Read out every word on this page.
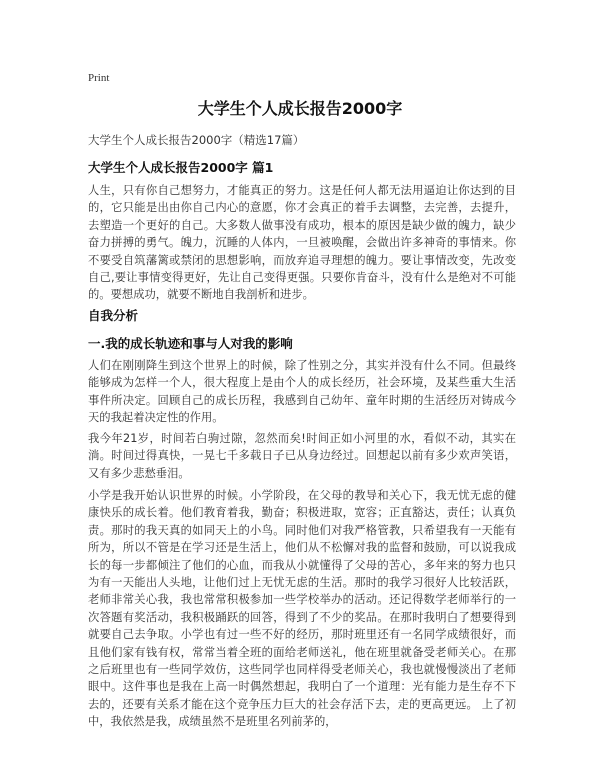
Print
大学生个人成长报告2000字
大学生个人成长报告2000字（精选17篇）
大学生个人成长报告2000字 篇1
人生，只有你自己想努力，才能真正的努力。这是任何人都无法用逼迫让你达到的目的，它只能是出由你自己内心的意愿，你才会真正的着手去调整，去完善，去提升，去塑造一个更好的自己。大多数人做事没有成功，根本的原因是缺少做的魄力，缺少奋力拼搏的勇气。魄力，沉睡的人体内，一旦被唤醒，会做出许多神奇的事情来。你不要受自筑藩篱或禁闭的思想影响，而放弃追寻理想的魄力。要让事情改变，先改变自己,要让事情变得更好，先让自己变得更强。只要你肯奋斗，没有什么是绝对不可能的。要想成功，就要不断地自我剖析和进步。
自我分析
一.我的成长轨迹和事与人对我的影响
人们在刚刚降生到这个世界上的时候，除了性别之分，其实并没有什么不同。但最终能够成为怎样一个人，很大程度上是由个人的成长经历，社会环境，及某些重大生活事件所决定。回顾自己的成长历程，我感到自己幼年、童年时期的生活经历对铸成今天的我起着决定性的作用。
我今年21岁，时间若白驹过隙，忽然而矣!时间正如小河里的水，看似不动，其实在淌。时间过得真快，一晃七千多载日子已从身边经过。回想起以前有多少欢声笑语，又有多少悲愁垂泪。
小学是我开始认识世界的时候。小学阶段，在父母的教导和关心下，我无忧无虑的健康快乐的成长着。他们教育着我，勤奋；积极进取，宽容；正直豁达，责任；认真负责。那时的我天真的如同天上的小鸟。同时他们对我严格管教，只希望我有一天能有所为，所以不管是在学习还是生活上，他们从不松懈对我的监督和鼓励，可以说我成长的每一步都倾注了他们的心血，而我从小就懂得了父母的苦心，多年来的努力也只为有一天能出人头地，让他们过上无忧无虑的生活。那时的我学习很好人比较活跃，老师非常关心我，我也常常积极参加一些学校举办的活动。还记得数学老师举行的一次答题有奖活动，我积极踊跃的回答，得到了不少的奖品。在那时我明白了想要得到就要自己去争取。小学也有过一些不好的经历，那时班里还有一名同学成绩很好，而且他们家有钱有权，常常当着全班的面给老师送礼，他在班里就备受老师关心。在那之后班里也有一些同学效仿，这些同学也同样得受老师关心，我也就慢慢淡出了老师眼中。这件事也是我在上高一时偶然想起，我明白了一个道理：光有能力是生存不下去的，还要有关系才能在这个竞争压力巨大的社会存活下去，走的更高更远。 上了初中，我依然是我，成绩虽然不是班里名列前茅的，
